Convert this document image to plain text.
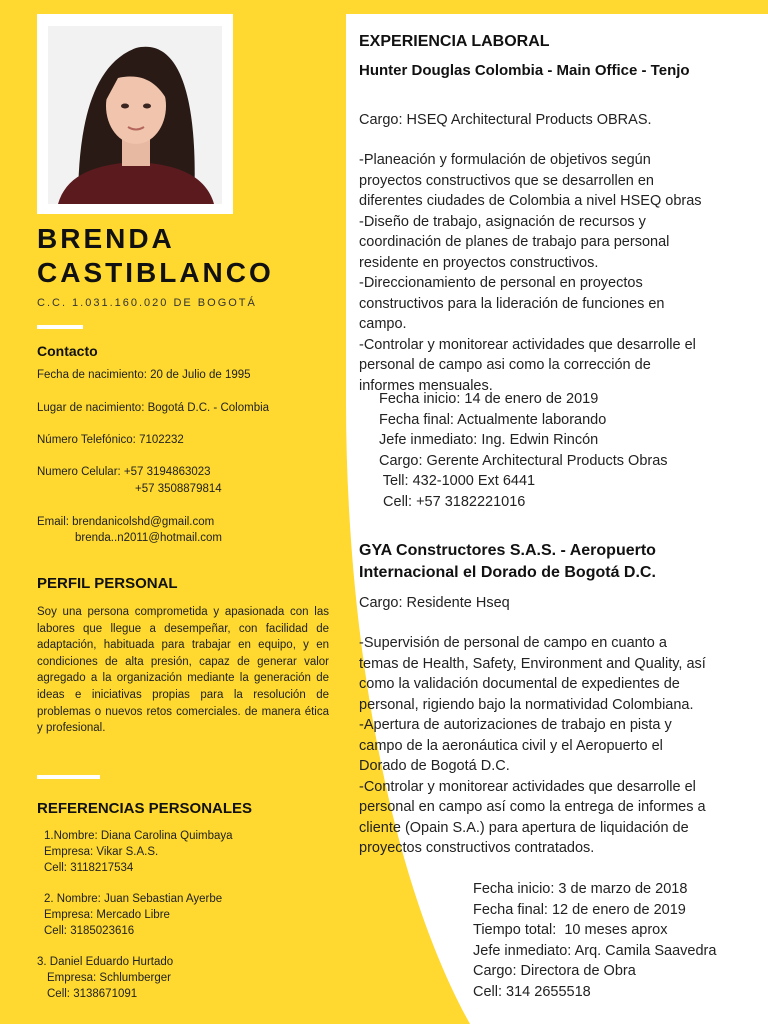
BRENDA
CASTIBLANCO
C.C. 1.031.160.020 DE BOGOTÁ
Contacto
Fecha de nacimiento: 20 de Julio de 1995
Lugar de nacimiento: Bogotá D.C. - Colombia
Número Telefónico: 7102232
Numero Celular: +57 3194863023
+57 3508879814
Email: brendanicolshd@gmail.com
brenda..n2011@hotmail.com
PERFIL PERSONAL
Soy una persona comprometida y apasionada con las labores que llegue a desempeñar, con facilidad de adaptación, habituada para trabajar en equipo, y en condiciones de alta presión, capaz de generar valor agregado a la organización mediante la generación de ideas e iniciativas propias para la resolución de problemas o nuevos retos comerciales. de manera ética y profesional.
REFERENCIAS PERSONALES
1.Nombre: Diana Carolina Quimbaya
Empresa: Vikar S.A.S.
Cell: 3118217534
2. Nombre: Juan Sebastian Ayerbe
Empresa: Mercado Libre
Cell: 3185023616
3. Daniel Eduardo Hurtado
Empresa: Schlumberger
Cell: 3138671091
EXPERIENCIA LABORAL
Hunter Douglas Colombia - Main Office - Tenjo
Cargo: HSEQ Architectural Products OBRAS.
-Planeación y formulación de objetivos según
proyectos constructivos que se desarrollen en
diferentes ciudades de Colombia a nivel HSEQ obras
-Diseño de trabajo, asignación de recursos y
coordinación de planes de trabajo para personal
residente en proyectos constructivos.
-Direccionamiento de personal en proyectos
constructivos para la lideración de funciones en
campo.
-Controlar y monitorear actividades que desarrolle el
personal de campo asi como la corrección de
informes mensuales.
Fecha inicio: 14 de enero de 2019
Fecha final: Actualmente laborando
Jefe inmediato: Ing. Edwin Rincón
Cargo: Gerente Architectural Products Obras
Tell: 432-1000 Ext 6441
Cell: +57 3182221016
GYA Constructores S.A.S. - Aeropuerto
Internacional el Dorado de Bogotá D.C.
Cargo: Residente Hseq
-Supervisión de personal de campo en cuanto a
temas de Health, Safety, Environment and Quality, así
como la validación documental de expedientes de
personal, rigiendo bajo la normatividad Colombiana.
-Apertura de autorizaciones de trabajo en pista y
campo de la aeronáutica civil y el Aeropuerto el
Dorado de Bogotá D.C.
-Controlar y monitorear actividades que desarrolle el
personal en campo así como la entrega de informes a
cliente (Opain S.A.) para apertura de liquidación de
proyectos constructivos contratados.
Fecha inicio: 3 de marzo de 2018
Fecha final: 12 de enero de 2019
Tiempo total:  10 meses aprox
Jefe inmediato: Arq. Camila Saavedra
Cargo: Directora de Obra
Cell: 314 2655518
